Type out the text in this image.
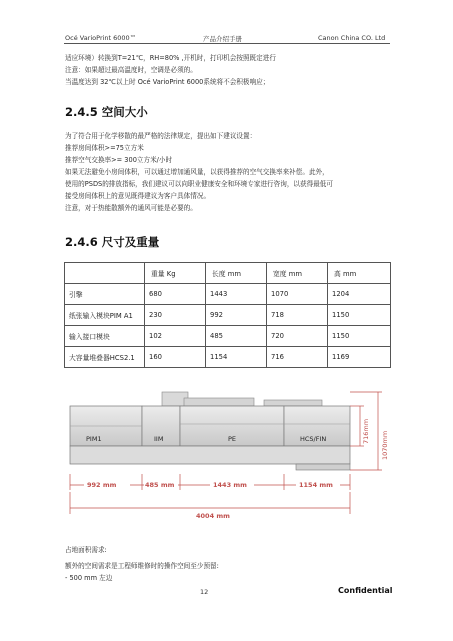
Océ VarioPrint 6000™	产品介绍手册	Canon China CO. Ltd
适应环境）转换到T=21℃，RH=80% ,开机时，打印机会按照既定进行
注意：如果超过最高温度时，空调是必须的。
当温度达到 32℃以上时 Océ VarioPrint 6000系统将不会积极响应；
2.4.5 空间大小
为了符合用于化学移散的最严格的法律规定，提出如下建议设置：
推荐房间体积>=75立方米
推荐空气交换率>= 300立方米/小时
如果无法避免小房间体积，可以通过增加通风量，以获得推荐的空气交换率来补偿。此外，
使用的PSDS的排放指标，我们建议可以向职业健康安全和环境专家进行咨询，以获得最低可
接受房间体积上的意见既得建议为客户具体情况。
注意，对于热能散额外的通风可能是必要的。
2.4.6 尺寸及重量
	重量 Kg	长度 mm	宽度 mm	高 mm
引擎	680	1443	1070	1204
纸张输入模块PIM A1	230	992	718	1150
输入接口模块	102	485	720	1150
大容量堆叠器HCS2.1	160	1154	716	1169
PIM1	IIM	PE	HCS/FIN	716mm 1070mm
992 mm	485 mm	1443 mm	1154 mm
4004 mm
占地面积需求:
额外的空间需求是工程师维修时的操作空间至少预留:
- 500 mm 左边
12	Confidential
